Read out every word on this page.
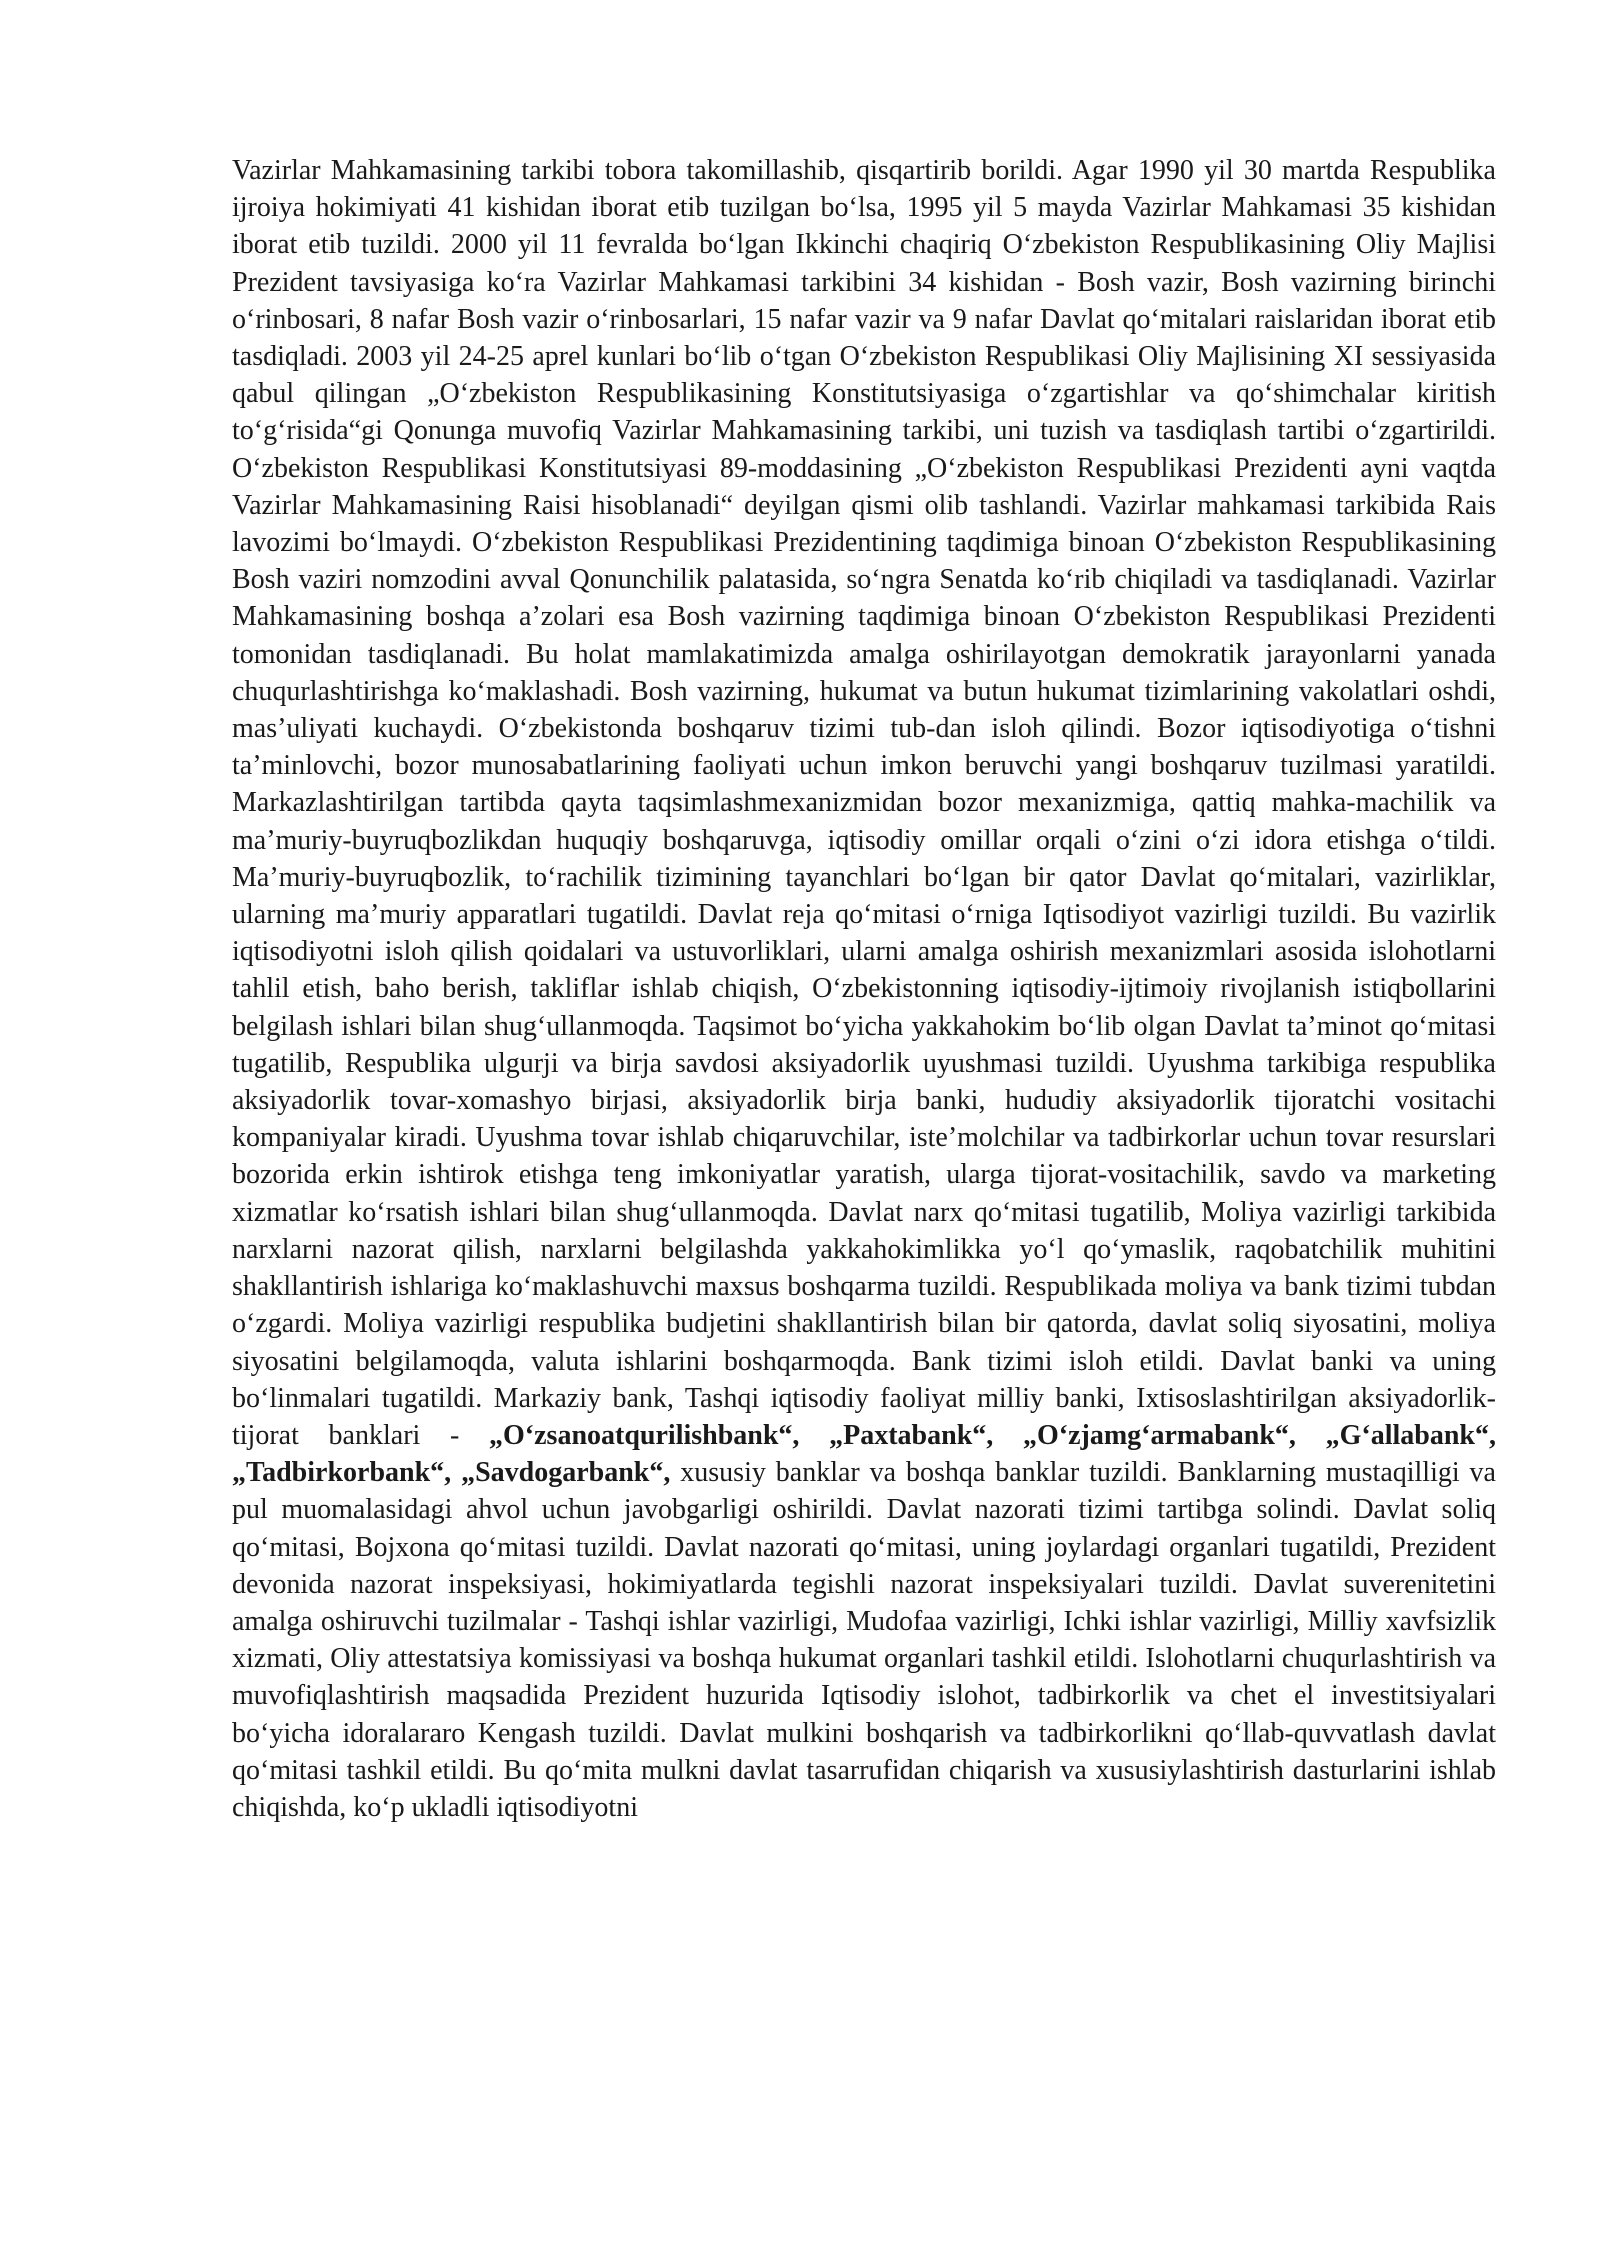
Vazirlar Mahkamasining tarkibi tobora takomillashib, qisqartirib borildi. Agar 1990 yil 30 martda Respublika ijroiya hokimiyati 41 kishidan iborat etib tuzilgan bo‘lsa, 1995 yil 5 mayda Vazirlar Mahkamasi 35 kishidan iborat etib tuzildi. 2000 yil 11 fevralda bo‘lgan Ikkinchi chaqiriq O‘zbekiston Respublikasining Oliy Majlisi Prezident tavsiyasiga ko‘ra Vazirlar Mahkamasi tarkibini 34 kishidan - Bosh vazir, Bosh vazirning birinchi o‘rinbosari, 8 nafar Bosh vazir o‘rinbosarlari, 15 nafar vazir va 9 nafar Davlat qo‘mitalari raislaridan iborat etib tasdiqladi. 2003 yil 24-25 aprel kunlari bo‘lib o‘tgan O‘zbekiston Respublikasi Oliy Majlisining XI sessiyasida qabul qilingan „O‘zbekiston Respublikasining Konstitutsiyasiga o‘zgartishlar va qo‘shimchalar kiritish to‘g‘risida“gi Qonunga muvofiq Vazirlar Mahkamasining tarkibi, uni tuzish va tasdiqlash tartibi o‘zgartirildi. O‘zbekiston Respublikasi Konstitutsiyasi 89-moddasining „O‘zbekiston Respublikasi Prezidenti ayni vaqtda Vazirlar Mahkamasining Raisi hisoblanadi“ deyilgan qismi olib tashlandi. Vazirlar mahkamasi tarkibida Rais lavozimi bo‘lmaydi. O‘zbekiston Respublikasi Prezidentining taqdimiga binoan O‘zbekiston Respublikasining Bosh vaziri nomzodini avval Qonunchilik palatasida, so‘ngra Senatda ko‘rib chiqiladi va tasdiqlanadi. Vazirlar Mahkamasining boshqa a’zolari esa Bosh vazirning taqdimiga binoan O‘zbekiston Respublikasi Prezidenti tomonidan tasdiqlanadi. Bu holat mamlakatimizda amalga oshirilayotgan demokratik jarayonlarni yanada chuqurlashtirishga ko‘maklashadi. Bosh vazirning, hukumat va butun hukumat tizimlarining vakolatlari oshdi, mas’uliyati kuchaydi. O‘zbekistonda boshqaruv tizimi tub-dan isloh qilindi. Bozor iqtisodiyotiga o‘tishni ta’minlovchi, bozor munosabatlarining faoliyati uchun imkon beruvchi yangi boshqaruv tuzilmasi yaratildi. Markazlashtirilgan tartibda qayta taqsimlashmexanizmidan bozor mexanizmiga, qattiq mahka-machilik va ma’muriy-buyruqbozlikdan huquqiy boshqaruvga, iqtisodiy omillar orqali o‘zini o‘zi idora etishga o‘tildi. Ma’muriy-buyruqbozlik, to‘rachilik tizimining tayanchlari bo‘lgan bir qator Davlat qo‘mitalari, vazirliklar, ularning ma’muriy apparatlari tugatildi. Davlat reja qo‘mitasi o‘rniga Iqtisodiyot vazirligi tuzildi. Bu vazirlik iqtisodiyotni isloh qilish qoidalari va ustuvorliklari, ularni amalga oshirish mexanizmlari asosida islohotlarni tahlil etish, baho berish, takliflar ishlab chiqish, O‘zbekistonning iqtisodiy-ijtimoiy rivojlanish istiqbollarini belgilash ishlari bilan shug‘ullanmoqda. Taqsimot bo‘yicha yakkahokim bo‘lib olgan Davlat ta’minot qo‘mitasi tugatilib, Respublika ulgurji va birja savdosi aksiyadorlik uyushmasi tuzildi. Uyushma tarkibiga respublika aksiyadorlik tovar-xomashyo birjasi, aksiyadorlik birja banki, hududiy aksiyadorlik tijoratchi vositachi kompaniyalar kiradi. Uyushma tovar ishlab chiqaruvchilar, iste’molchilar va tadbirkorlar uchun tovar resurslari bozorida erkin ishtirok etishga teng imkoniyatlar yaratish, ularga tijorat-vositachilik, savdo va marketing xizmatlar ko‘rsatish ishlari bilan shug‘ullanmoqda. Davlat narx qo‘mitasi tugatilib, Moliya vazirligi tarkibida narxlarni nazorat qilish, narxlarni belgilashda yakkahokimlikka yo‘l qo‘ymaslik, raqobatchilik muhitini shakllantirish ishlariga ko‘maklashuvchi maxsus boshqarma tuzildi. Respublikada moliya va bank tizimi tubdan o‘zgardi. Moliya vazirligi respublika budjetini shakllantirish bilan bir qatorda, davlat soliq siyosatini, moliya siyosatini belgilamoqda, valuta ishlarini boshqarmoqda. Bank tizimi isloh etildi. Davlat banki va uning bo‘linmalari tugatildi. Markaziy bank, Tashqi iqtisodiy faoliyat milliy banki, Ixtisoslashtirilgan aksiyadorlik-tijorat banklari - „O‘zsanoatqurilishbank“, „Paxtabank“, „O‘zjamg‘armabank“, „G‘allabank“, „Tadbirkorbank“, „Savdogarbank“, xususiy banklar va boshqa banklar tuzildi. Banklarning mustaqilligi va pul muomalasidagi ahvol uchun javobgarligi oshirildi. Davlat nazorati tizimi tartibga solindi. Davlat soliq qo‘mitasi, Bojxona qo‘mitasi tuzildi. Davlat nazorati qo‘mitasi, uning joylardagi organlari tugatildi, Prezident devonida nazorat inspeksiyasi, hokimiyatlarda tegishli nazorat inspeksiyalari tuzildi. Davlat suverenitetini amalga oshiruvchi tuzilmalar - Tashqi ishlar vazirligi, Mudofaa vazirligi, Ichki ishlar vazirligi, Milliy xavfsizlik xizmati, Oliy attestatsiya komissiyasi va boshqa hukumat organlari tashkil etildi. Islohotlarni chuqurlashtirish va muvofiqlashtirish maqsadida Prezident huzurida Iqtisodiy islohot, tadbirkorlik va chet el investitsiyalari bo‘yicha idoralararo Kengash tuzildi. Davlat mulkini boshqarish va tadbirkorlikni qo‘llab-quvvatlash davlat qo‘mitasi tashkil etildi. Bu qo‘mita mulkni davlat tasarrufidan chiqarish va xususiylashtirish dasturlarini ishlab chiqishda, ko‘p ukladli iqtisodiyotni
